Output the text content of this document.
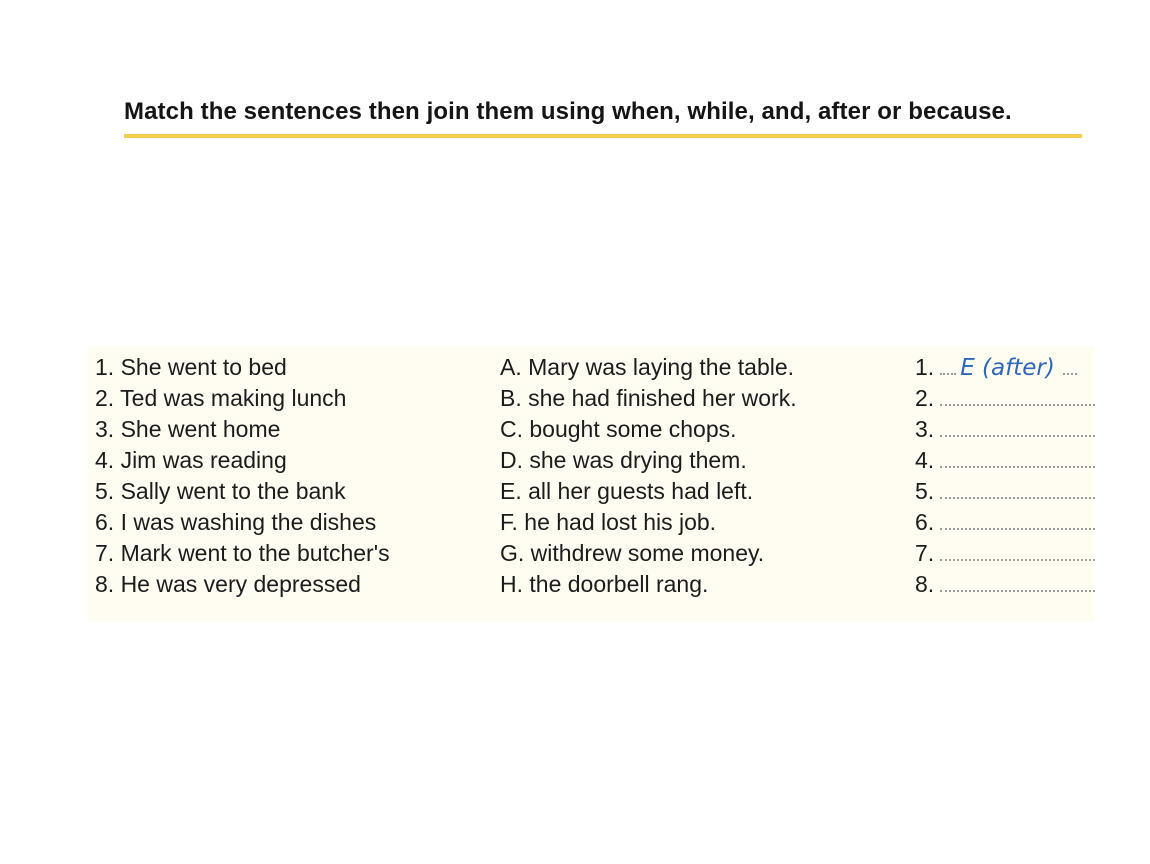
Match the sentences then join them using when, while, and, after or because.
1. She went to bed
2. Ted was making lunch
3. She went home
4. Jim was reading
5. Sally went to the bank
6. I was washing the dishes
7. Mark went to the butcher's
8. He was very depressed
A. Mary was laying the table.
B. she had finished her work.
C. bought some chops.
D. she was drying them.
E. all her guests had left.
F. he had lost his job.
G. withdrew some money.
H. the doorbell rang.
1. E (after)
2.
3.
4.
5.
6.
7.
8.
